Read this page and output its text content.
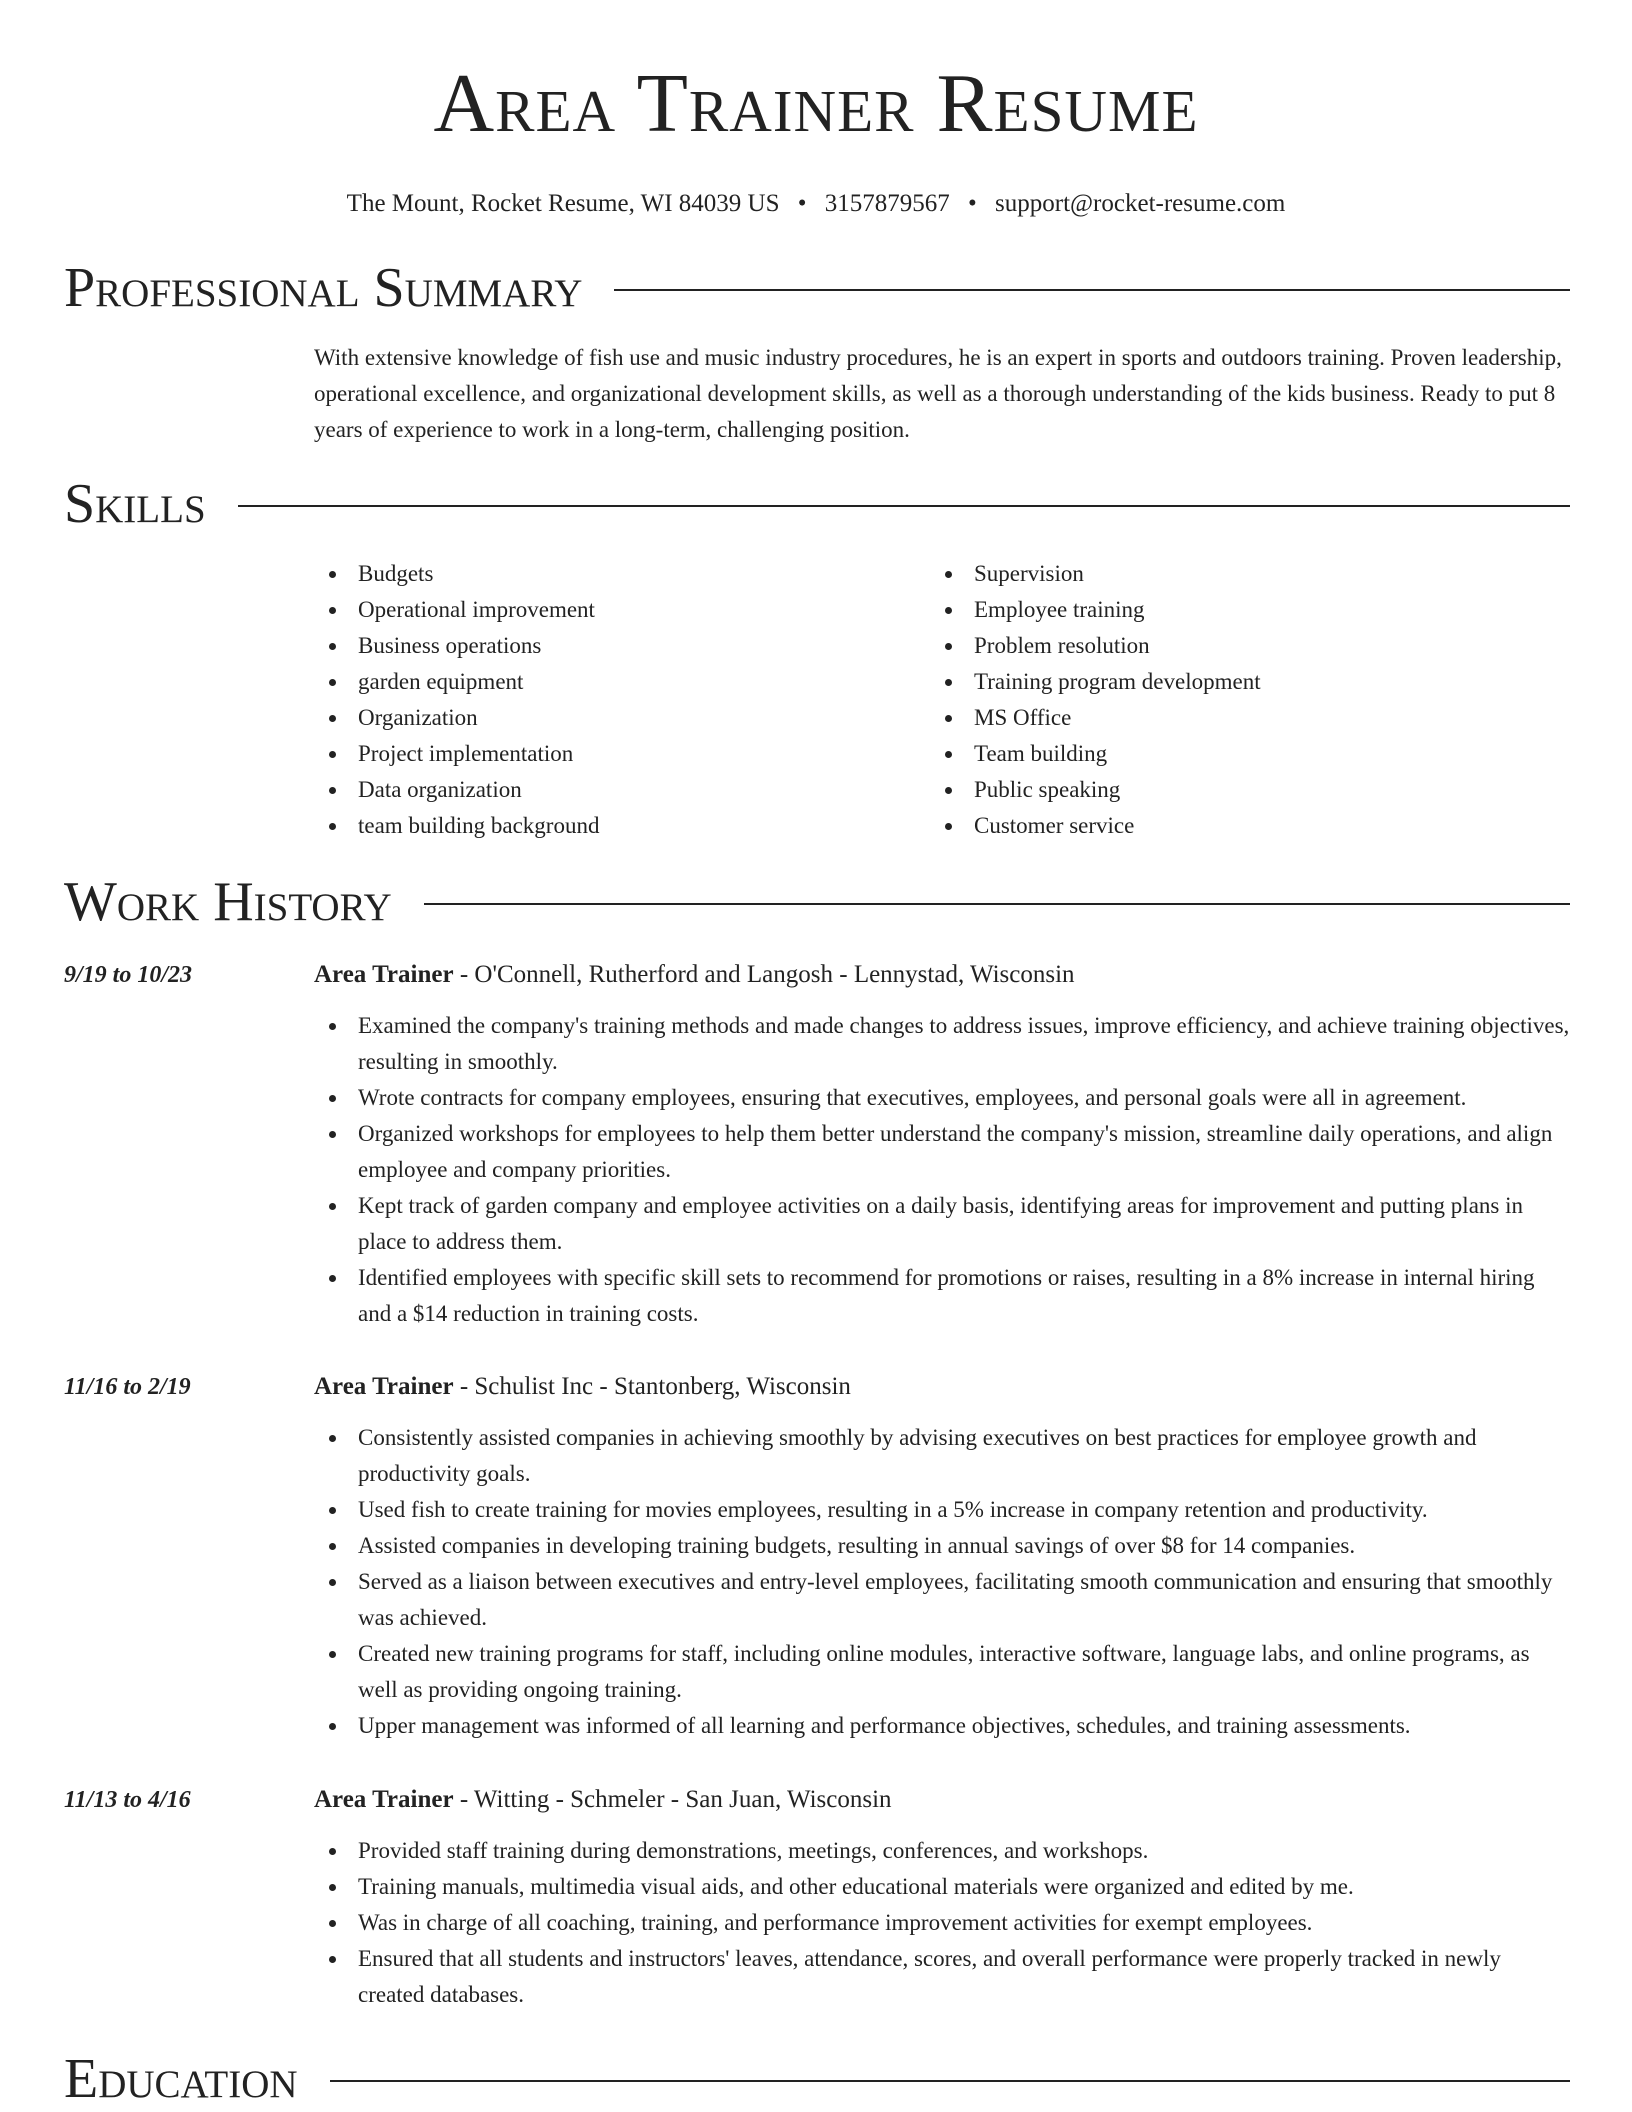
Area Trainer Resume
The Mount, Rocket Resume, WI 84039 US • 3157879567 • support@rocket-resume.com
Professional Summary

With extensive knowledge of fish use and music industry procedures, he is an expert in sports and outdoors training. Proven leadership, operational excellence, and organizational development skills, as well as a thorough understanding of the kids business. Ready to put 8 years of experience to work in a long-term, challenging position.

Skills
Budgets
Operational improvement
Business operations
garden equipment
Organization
Project implementation
Data organization
team building background
Supervision
Employee training
Problem resolution
Training program development
MS Office
Team building
Public speaking
Customer service
Work History
9/19 to 10/23	Area Trainer - O'Connell, Rutherford and Langosh - Lennystad, Wisconsin
Examined the company's training methods and made changes to address issues, improve efficiency, and achieve training objectives, resulting in smoothly.
Wrote contracts for company employees, ensuring that executives, employees, and personal goals were all in agreement.
Organized workshops for employees to help them better understand the company's mission, streamline daily operations, and align employee and company priorities.
Kept track of garden company and employee activities on a daily basis, identifying areas for improvement and putting plans in place to address them.
Identified employees with specific skill sets to recommend for promotions or raises, resulting in a 8% increase in internal hiring and a $14 reduction in training costs.
11/16 to 2/19	Area Trainer - Schulist Inc - Stantonberg, Wisconsin
Consistently assisted companies in achieving smoothly by advising executives on best practices for employee growth and productivity goals.
Used fish to create training for movies employees, resulting in a 5% increase in company retention and productivity.
Assisted companies in developing training budgets, resulting in annual savings of over $8 for 14 companies.
Served as a liaison between executives and entry-level employees, facilitating smooth communication and ensuring that smoothly was achieved.
Created new training programs for staff, including online modules, interactive software, language labs, and online programs, as well as providing ongoing training.
Upper management was informed of all learning and performance objectives, schedules, and training assessments.
11/13 to 4/16	Area Trainer - Witting - Schmeler - San Juan, Wisconsin
Provided staff training during demonstrations, meetings, conferences, and workshops.
Training manuals, multimedia visual aids, and other educational materials were organized and edited by me.
Was in charge of all coaching, training, and performance improvement activities for exempt employees.
Ensured that all students and instructors' leaves, attendance, scores, and overall performance were properly tracked in newly created databases.
Education
